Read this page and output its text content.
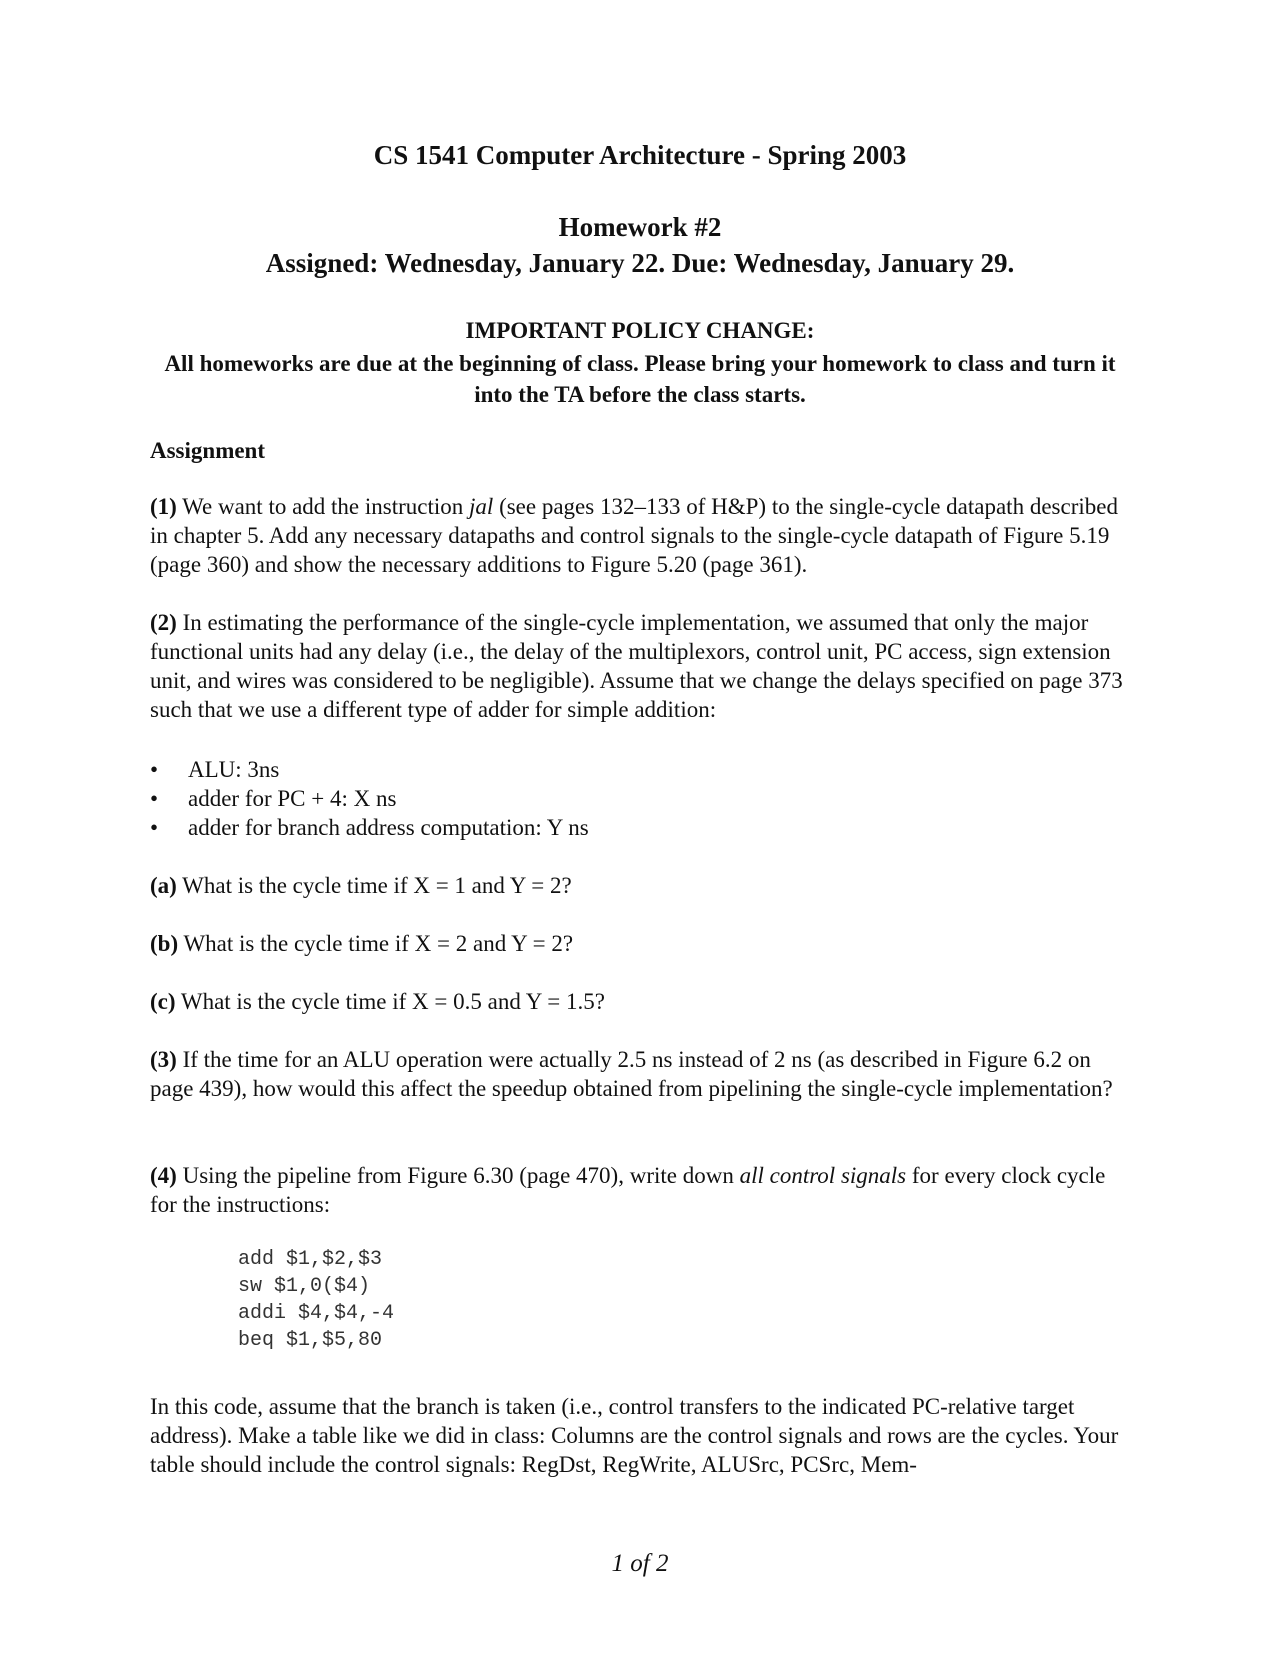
CS 1541 Computer Architecture - Spring 2003
Homework #2
Assigned: Wednesday, January 22. Due: Wednesday, January 29.
IMPORTANT POLICY CHANGE:
All homeworks are due at the beginning of class. Please bring your homework to class and turn it into the TA before the class starts.
Assignment
(1) We want to add the instruction jal (see pages 132–133 of H&P) to the single-cycle datapath described in chapter 5. Add any necessary datapaths and control signals to the single-cycle datapath of Figure 5.19 (page 360) and show the necessary additions to Figure 5.20 (page 361).
(2) In estimating the performance of the single-cycle implementation, we assumed that only the major functional units had any delay (i.e., the delay of the multiplexors, control unit, PC access, sign extension unit, and wires was considered to be negligible). Assume that we change the delays specified on page 373 such that we use a different type of adder for simple addition:
• ALU: 3ns
• adder for PC + 4: X ns
• adder for branch address computation: Y ns
(a) What is the cycle time if X = 1 and Y = 2?
(b) What is the cycle time if X = 2 and Y = 2?
(c) What is the cycle time if X = 0.5 and Y = 1.5?
(3) If the time for an ALU operation were actually 2.5 ns instead of 2 ns (as described in Figure 6.2 on page 439), how would this affect the speedup obtained from pipelining the single-cycle implementation?
(4) Using the pipeline from Figure 6.30 (page 470), write down all control signals for every clock cycle for the instructions:
add $1,$2,$3
sw $1,0($4)
addi $4,$4,-4
beq $1,$5,80
In this code, assume that the branch is taken (i.e., control transfers to the indicated PC-relative target address). Make a table like we did in class: Columns are the control signals and rows are the cycles. Your table should include the control signals: RegDst, RegWrite, ALUSrc, PCSrc, Mem-
1 of 2
